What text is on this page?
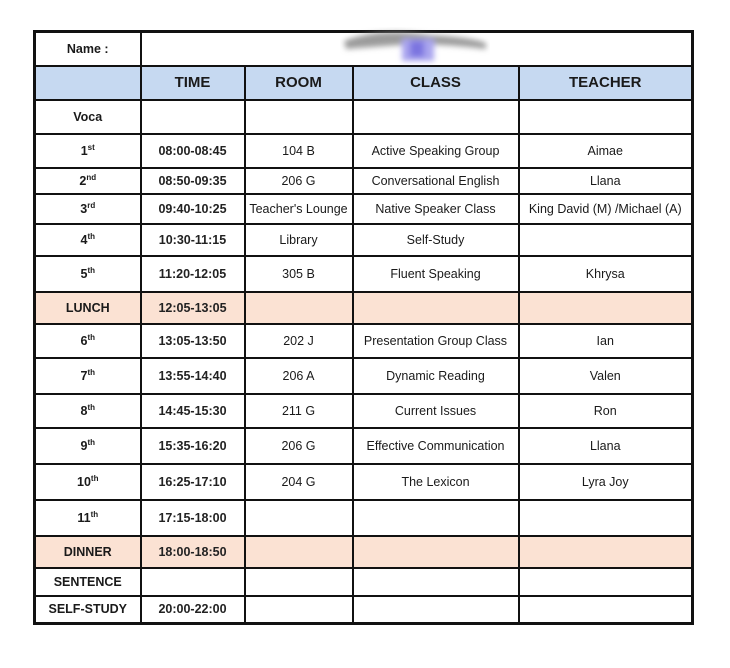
Name :				
	TIME	ROOM	CLASS	TEACHER
Voca				
1st	08:00-08:45	104 B	Active Speaking Group	Aimae
2nd	08:50-09:35	206 G	Conversational English	Llana
3rd	09:40-10:25	Teacher's Lounge	Native Speaker Class	King David (M) /Michael (A)
4th	10:30-11:15	Library	Self-Study	
5th	11:20-12:05	305 B	Fluent Speaking	Khrysa
LUNCH	12:05-13:05			
6th	13:05-13:50	202 J	Presentation Group Class	Ian
7th	13:55-14:40	206 A	Dynamic Reading	Valen
8th	14:45-15:30	211 G	Current Issues	Ron
9th	15:35-16:20	206 G	Effective Communication	Llana
10th	16:25-17:10	204 G	The Lexicon	Lyra Joy
11th	17:15-18:00			
DINNER	18:00-18:50			
SENTENCE				
SELF-STUDY	20:00-22:00			
